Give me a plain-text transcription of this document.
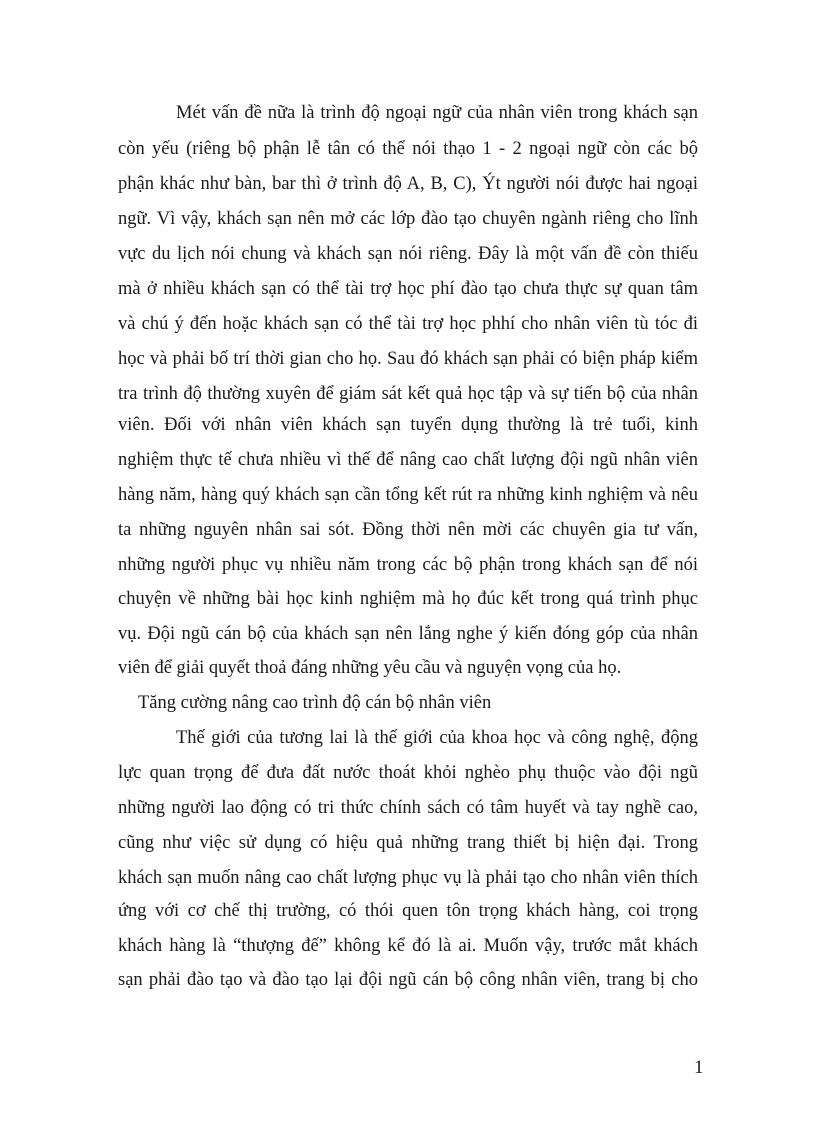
Mét vấn đề nữa là trình độ ngoại ngữ của nhân viên trong khách sạn
còn yếu (riêng bộ phận lễ tân có thể nói thạo 1 - 2 ngoại ngữ còn các bộ
phận khác như bàn, bar thì ở trình độ A, B, C), Ýt người nói được hai ngoại
ngữ. Vì vậy, khách sạn nên mở các lớp đào tạo chuyên ngành riêng cho lĩnh
vực du lịch nói chung và khách sạn nói riêng. Đây là một vấn đề còn thiếu
mà ở nhiều khách sạn có thể tài trợ học phí đào tạo chưa thực sự quan tâm
và chú ý đến hoặc khách sạn có thể tài trợ học phhí cho nhân viên tù tóc đi
học và phải bố trí thời gian cho họ. Sau đó khách sạn phải có biện pháp kiểm
tra trình độ thường xuyên để giám sát kết quả học tập và sự tiến bộ của nhân
viên. Đối với nhân viên khách sạn tuyển dụng thường là trẻ tuổi, kinh
nghiệm thực tế chưa nhiều vì thế để nâng cao chất lượng đội ngũ nhân viên
hàng năm, hàng quý khách sạn cần tổng kết rút ra những kinh nghiệm và nêu
ta những nguyên nhân sai sót. Đồng thời nên mời các chuyên gia tư vấn,
những người phục vụ nhiều năm trong các bộ phận trong khách sạn để nói
chuyện về những bài học kinh nghiệm mà họ đúc kết trong quá trình phục
vụ. Đội ngũ cán bộ của khách sạn nên lắng nghe ý kiến đóng góp của nhân
viên để giải quyết thoả đáng những yêu cầu và nguyện vọng của họ.
Tăng cường nâng cao trình độ cán bộ nhân viên
Thế giới của tương lai là thế giới của khoa học và công nghệ, động
lực quan trọng để đưa đất nước thoát khỏi nghèo phụ thuộc vào đội ngũ
những người lao động có tri thức chính sách có tâm huyết và tay nghề cao,
cũng như việc sử dụng có hiệu quả những trang thiết bị hiện đại. Trong
khách sạn muốn nâng cao chất lượng phục vụ là phải tạo cho nhân viên thích
ứng với cơ chế thị trường, có thói quen tôn trọng khách hàng, coi trọng
khách hàng là “thượng đế” không kể đó là ai. Muốn vậy, trước mắt khách
sạn phải đào tạo và đào tạo lại đội ngũ cán bộ công nhân viên, trang bị cho
1
